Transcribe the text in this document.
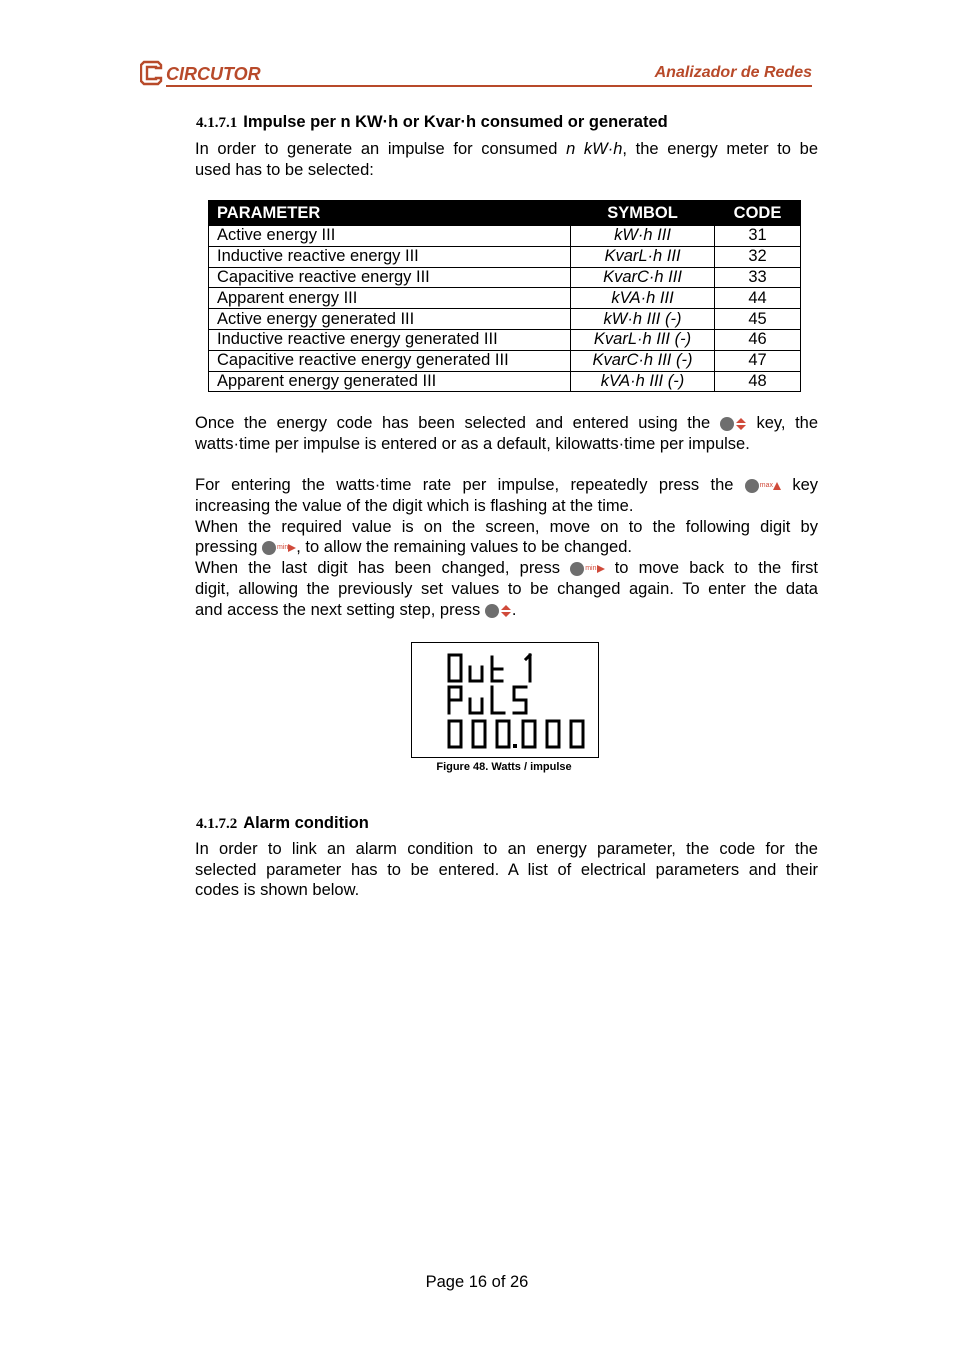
CIRCUTOR	Analizador de Redes
4.1.7.1 Impulse per n KW·h or Kvar·h consumed or generated
In order to generate an impulse for consumed n kW·h, the energy meter to be
used has to be selected:
PARAMETER	SYMBOL	CODE
Active energy III	kW·h III	31
Inductive reactive energy III	KvarL·h III	32
Capacitive reactive energy III	KvarC·h III	33
Apparent energy III	kVA·h III	44
Active energy generated III	kW·h III (-)	45
Inductive reactive energy generated III	KvarL·h III (-)	46
Capacitive reactive energy generated III	KvarC·h III (-)	47
Apparent energy generated III	kVA·h III (-)	48
Once the energy code has been selected and entered using the	key, the
watts·time per impulse is entered or as a default, kilowatts·time per impulse.
For entering the watts·time rate per impulse, repeatedly press the	max key
increasing the value of the digit which is flashing at the time.
When the required value is on the screen, move on to the following digit by
pressing	min , to allow the remaining values to be changed.
When the last digit has been changed, press	min to move back to the first
digit, allowing the previously set values to be changed again. To enter the data
and access the next setting step, press .
Figure 48. Watts / impulse
4.1.7.2 Alarm condition
In order to link an alarm condition to an energy parameter, the code for the
selected parameter has to be entered. A list of electrical parameters and their
codes is shown below.
Page 16 of 26
